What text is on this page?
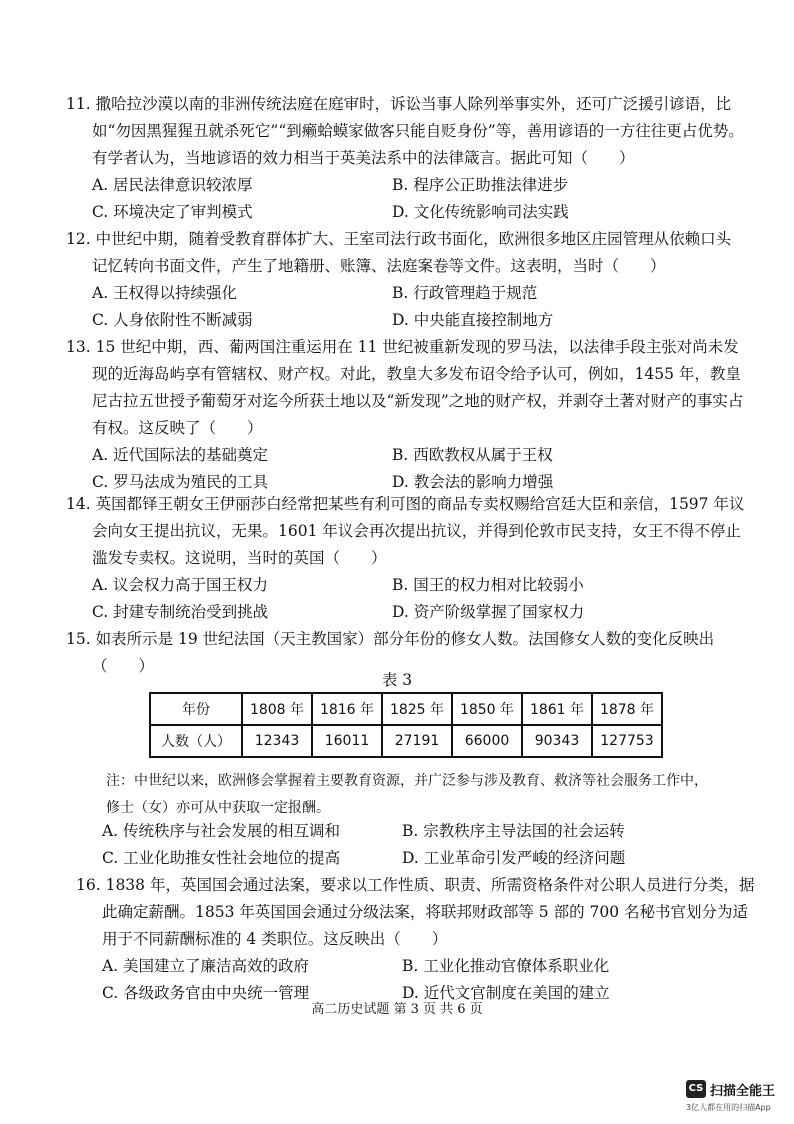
11. 撒哈拉沙漠以南的非洲传统法庭在庭审时，诉讼当事人除列举事实外，还可广泛援引谚语，比如“勿因黑猩猩丑就杀死它”“到癞蛤蟆家做客只能自贬身份”等，善用谚语的一方往往更占优势。有学者认为，当地谚语的效力相当于英美法系中的法律箴言。据此可知（　　）

A. 居民法律意识较浓厚	B. 程序公正助推法律进步
C. 环境决定了审判模式	D. 文化传统影响司法实践

12. 中世纪中期，随着受教育群体扩大、王室司法行政书面化，欧洲很多地区庄园管理从依赖口头记忆转向书面文件，产生了地籍册、账簿、法庭案卷等文件。这表明，当时（　　）

A. 王权得以持续强化	B. 行政管理趋于规范
C. 人身依附性不断减弱	D. 中央能直接控制地方

13. 15 世纪中期，西、葡两国注重运用在 11 世纪被重新发现的罗马法，以法律手段主张对尚未发现的近海岛屿享有管辖权、财产权。对此，教皇大多发布诏令给予认可，例如，1455 年，教皇尼古拉五世授予葡萄牙对迄今所获土地以及“新发现”之地的财产权，并剥夺土著对财产的事实占有权。这反映了（　　）

A. 近代国际法的基础奠定	B. 西欧教权从属于王权
C. 罗马法成为殖民的工具	D. 教会法的影响力增强

14. 英国都铎王朝女王伊丽莎白经常把某些有利可图的商品专卖权赐给宫廷大臣和亲信，1597 年议会向女王提出抗议，无果。1601 年议会再次提出抗议，并得到伦敦市民支持，女王不得不停止滥发专卖权。这说明，当时的英国（　　）

A. 议会权力高于国王权力	B. 国王的权力相对比较弱小
C. 封建专制统治受到挑战	D. 资产阶级掌握了国家权力

15. 如表所示是 19 世纪法国（天主教国家）部分年份的修女人数。法国修女人数的变化反映出（　　）

表 3
年份	1808 年	1816 年	1825 年	1850 年	1861 年	1878 年
人数（人）	12343	16011	27191	66000	90343	127753
注：中世纪以来，欧洲修会掌握着主要教育资源，并广泛参与涉及教育、救济等社会服务工作中，修士（女）亦可从中获取一定报酬。
A. 传统秩序与社会发展的相互调和	B. 宗教秩序主导法国的社会运转
C. 工业化助推女性社会地位的提高	D. 工业革命引发严峻的经济问题

16. 1838 年，英国国会通过法案，要求以工作性质、职责、所需资格条件对公职人员进行分类，据此确定薪酬。1853 年英国国会通过分级法案，将联邦财政部等 5 部的 700 名秘书官划分为适用于不同薪酬标准的 4 类职位。这反映出（　　）

A. 美国建立了廉洁高效的政府	B. 工业化推动官僚体系职业化
C. 各级政务官由中央统一管理	D. 近代文官制度在美国的建立
高二历史试题 第 3 页 共 6 页
CS 扫描全能王
3亿人都在用的扫描App
